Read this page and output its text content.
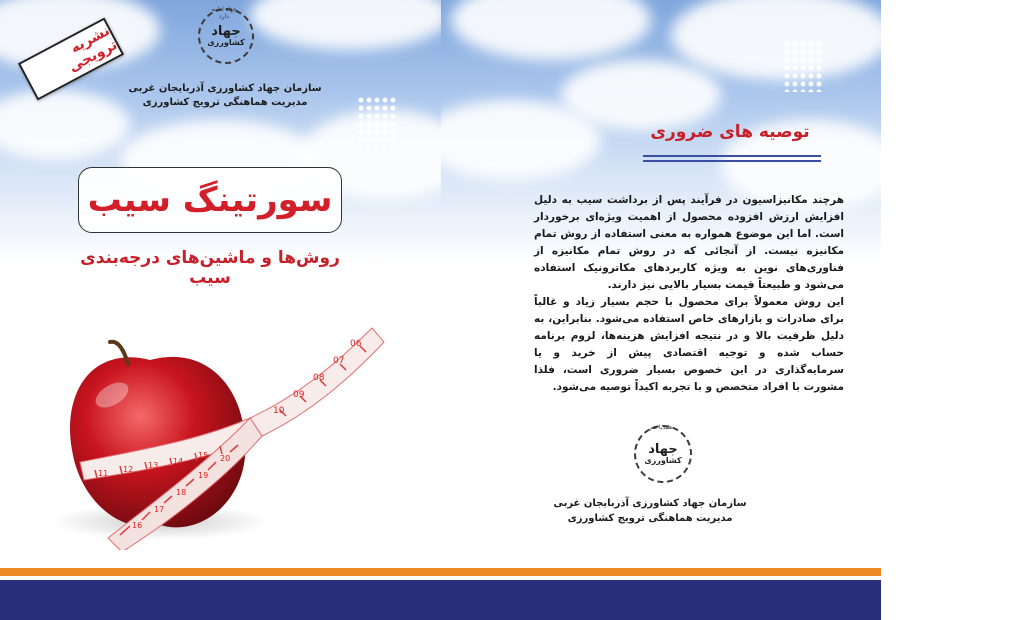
06
07
08
09
10
11 12 13 14
15
16
17
18
19
20
نشریه ترویجی
جهاد
کشاورزی
جهاد ادامه دارد
سازمان جهاد کشاورزی آذربایجان غربی
مدیریت هماهنگی ترویج کشاورزی
سورتینگ سیب
روش‌ها و ماشین‌های درجه‌بندی سیب
توصیه های ضروری

هرچند مکانیزاسیون در فرآیند پس از برداشت سیب به دلیل افزایش ارزش افزوده محصول از اهمیت ویژه‌ای برخوردار است. اما این موضوع همواره به معنی استفاده از روش تمام مکانیزه نیست. از آنجائی که در روش تمام مکانیزه از فناوری‌های نوین به ویژه کاربردهای مکاترونیک استفاده می‌شود و طبیعتاً قیمت بسیار بالایی نیز دارند.

این روش معمولاً برای محصول با حجم بسیار زیاد و غالباً برای صادرات و بازارهای خاص استفاده می‌شود. بنابراین، به دلیل ظرفیت بالا و در نتیجه افزایش هزینه‌ها، لزوم برنامه حساب شده و توجیه اقتصادی پیش از خرید و یا سرمایه‌گذاری در این خصوص بسیار ضروری است، فلذا مشورت با افراد متخصص و با تجربه اکیداً توصیه می‌شود.

جهاد
کشاورزی
همدیا هم
سازمان جهاد کشاورزی آذربایجان غربی
مدیریت هماهنگی ترویج کشاورزی
